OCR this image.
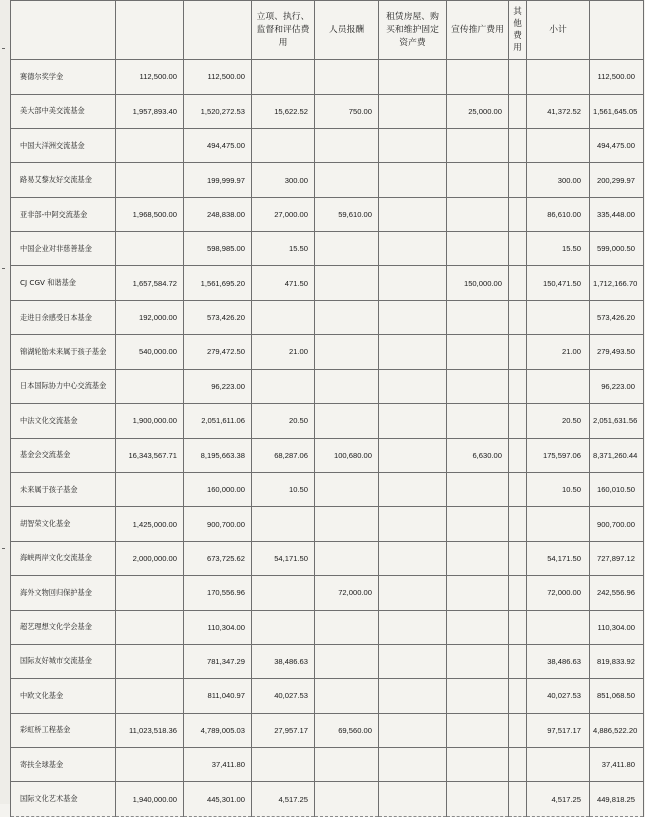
			立项、执行、监督和评估费用	人员报酬	租赁房屋、购买和维护固定资产费	宣传推广费用	其他费用	小计	
赛德尔奖学金	112,500.00	112,500.00							112,500.00
美大部中美交流基金	1,957,893.40	1,520,272.53	15,622.52	750.00		25,000.00		41,372.52	1,561,645.05
中国大洋洲交流基金		494,475.00							494,475.00
路易艾黎友好交流基金		199,999.97	300.00					300.00	200,299.97
亚非部-中阿交流基金	1,968,500.00	248,838.00	27,000.00	59,610.00				86,610.00	335,448.00
中国企业对非慈善基金		598,985.00	15.50					15.50	599,000.50
CJ CGV 和谐基金	1,657,584.72	1,561,695.20	471.50			150,000.00		150,471.50	1,712,166.70
走进日余感受日本基金	192,000.00	573,426.20							573,426.20
锦湖轮胎未来属于孩子基金	540,000.00	279,472.50	21.00					21.00	279,493.50
日本国际协力中心交流基金		96,223.00							96,223.00
中法文化交流基金	1,900,000.00	2,051,611.06	20.50					20.50	2,051,631.56
基金会交流基金	16,343,567.71	8,195,663.38	68,287.06	100,680.00		6,630.00		175,597.06	8,371,260.44
未来属于孩子基金		160,000.00	10.50					10.50	160,010.50
胡智荣文化基金	1,425,000.00	900,700.00							900,700.00
海峡两岸文化交流基金	2,000,000.00	673,725.62	54,171.50					54,171.50	727,897.12
海外文物回归保护基金		170,556.96		72,000.00				72,000.00	242,556.96
超艺理想文化学会基金		110,304.00							110,304.00
国际友好城市交流基金		781,347.29	38,486.63					38,486.63	819,833.92
中欧文化基金		811,040.97	40,027.53					40,027.53	851,068.50
彩虹桥工程基金	11,023,518.36	4,789,005.03	27,957.17	69,560.00				97,517.17	4,886,522.20
寄扶全球基金		37,411.80							37,411.80
国际文化艺术基金	1,940,000.00	445,301.00	4,517.25					4,517.25	449,818.25
